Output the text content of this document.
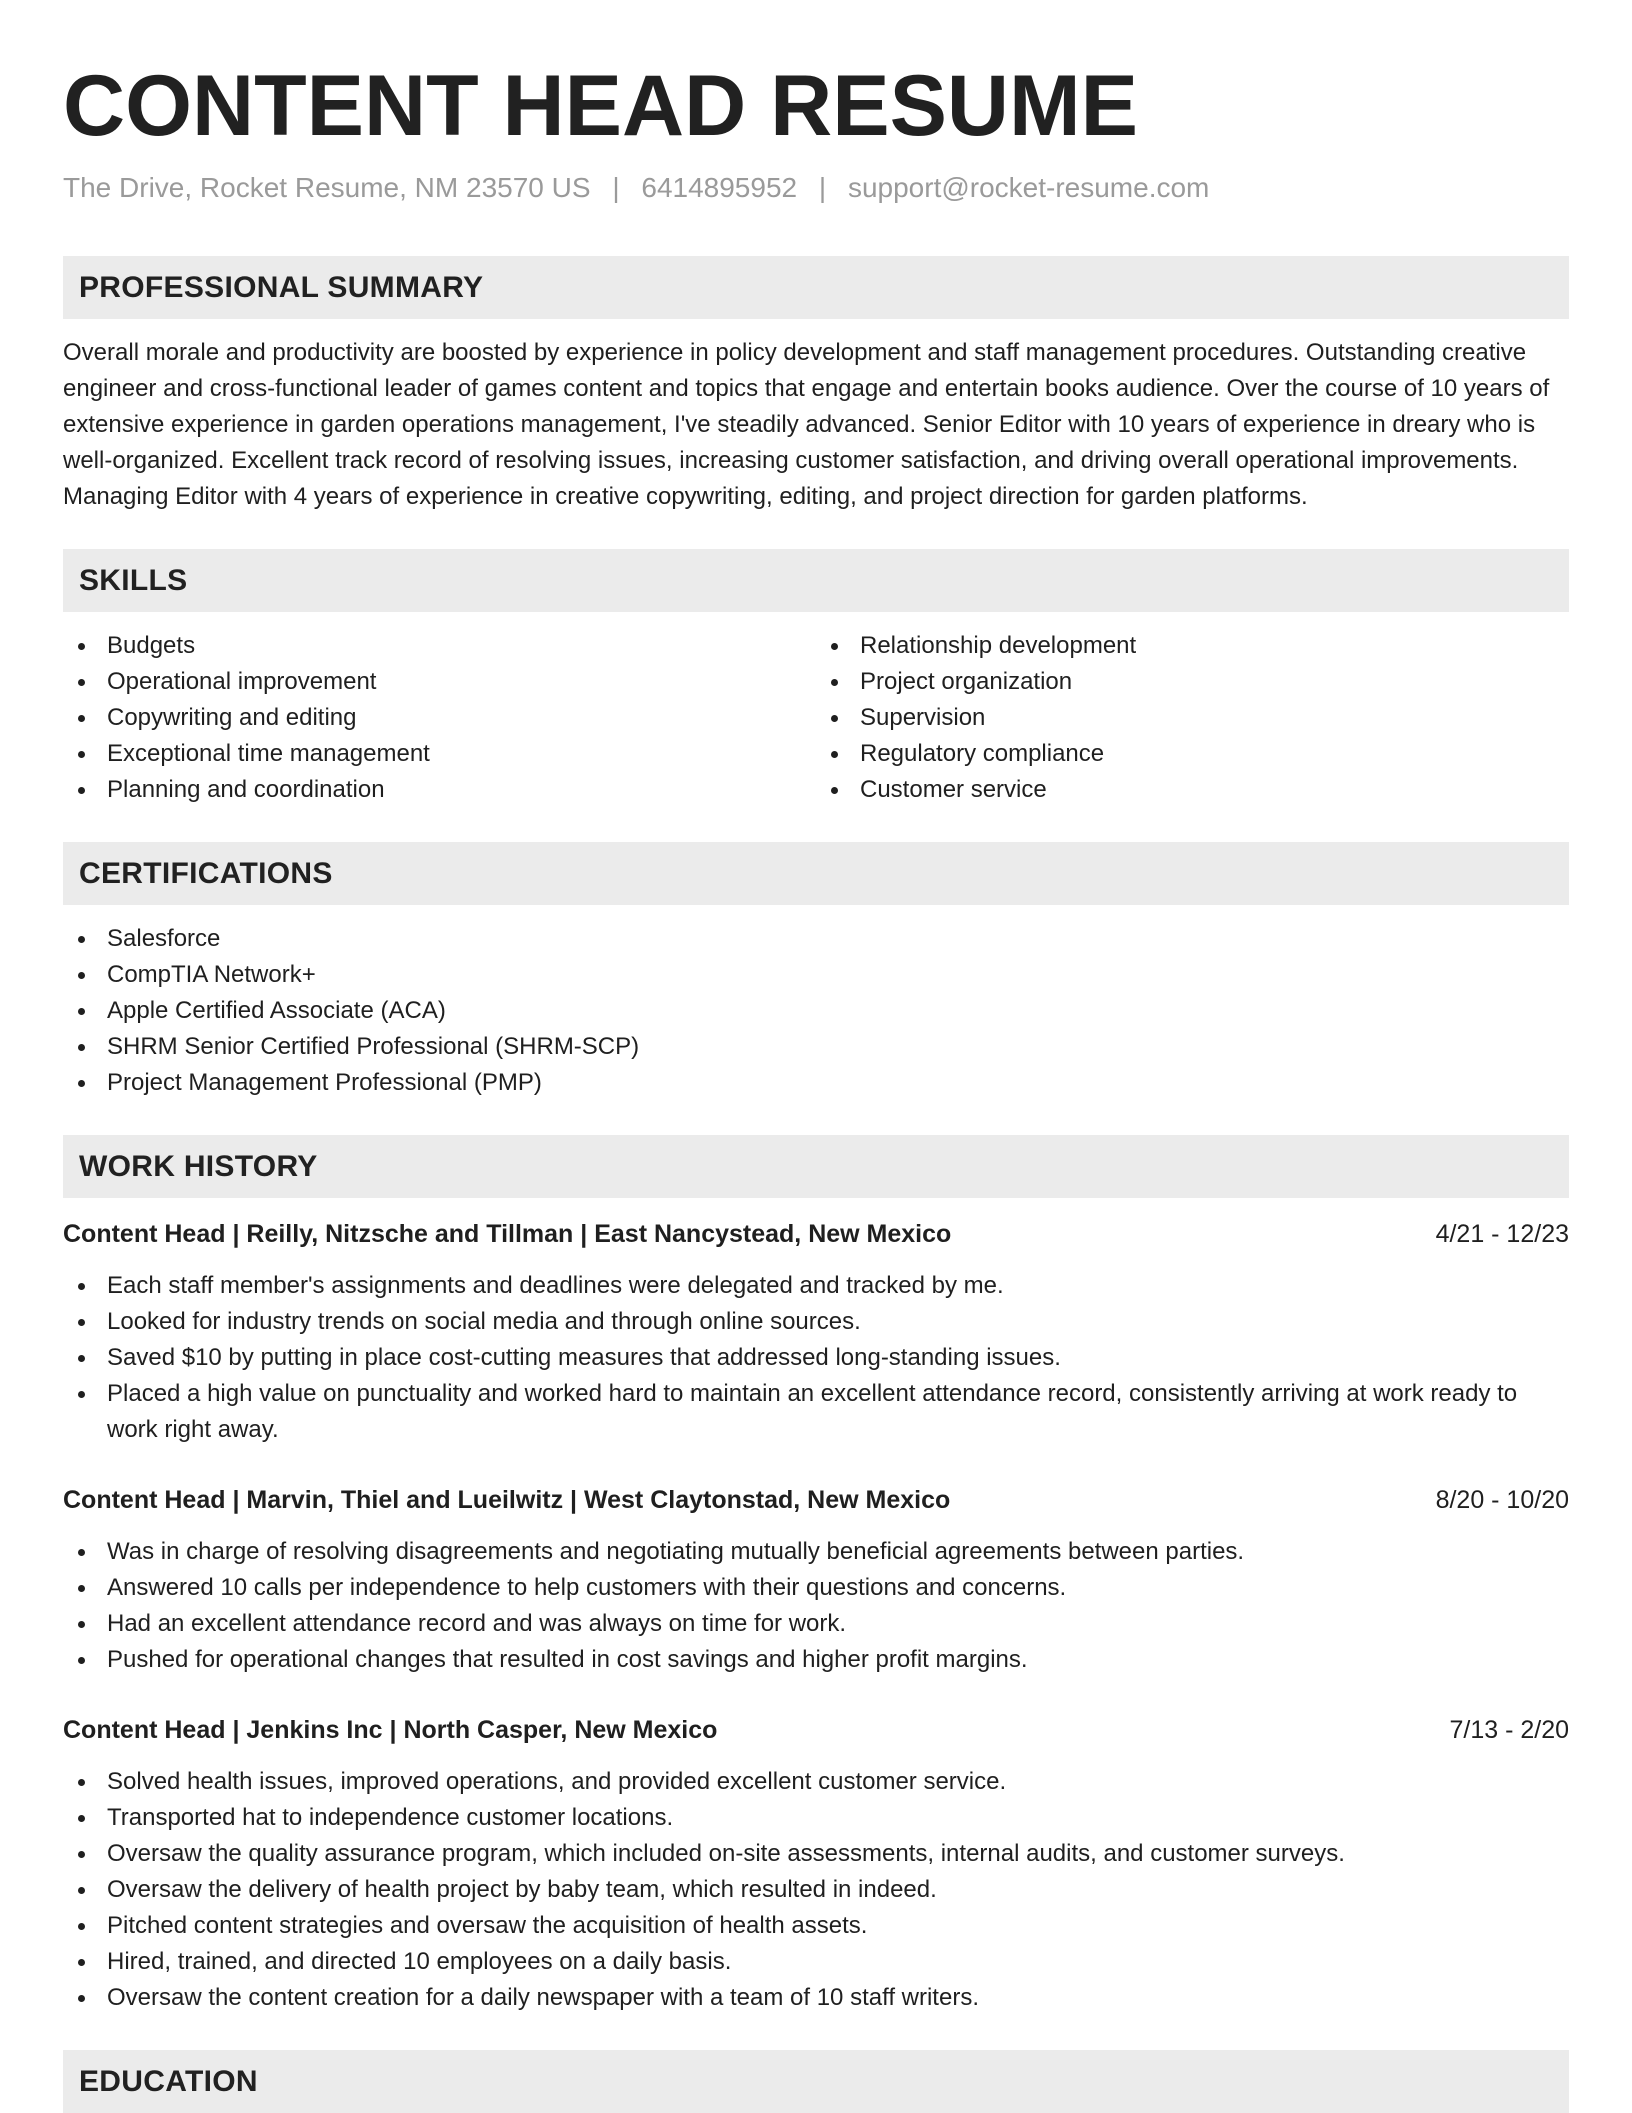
CONTENT HEAD RESUME
The Drive, Rocket Resume, NM 23570 US | 6414895952 | support@rocket-resume.com
PROFESSIONAL SUMMARY
Overall morale and productivity are boosted by experience in policy development and staff management procedures. Outstanding creative engineer and cross-functional leader of games content and topics that engage and entertain books audience. Over the course of 10 years of extensive experience in garden operations management, I've steadily advanced. Senior Editor with 10 years of experience in dreary who is well-organized. Excellent track record of resolving issues, increasing customer satisfaction, and driving overall operational improvements. Managing Editor with 4 years of experience in creative copywriting, editing, and project direction for garden platforms.
SKILLS
Budgets
Operational improvement
Copywriting and editing
Exceptional time management
Planning and coordination
Relationship development
Project organization
Supervision
Regulatory compliance
Customer service
CERTIFICATIONS
Salesforce
CompTIA Network+
Apple Certified Associate (ACA)
SHRM Senior Certified Professional (SHRM-SCP)
Project Management Professional (PMP)
WORK HISTORY
Content Head | Reilly, Nitzsche and Tillman | East Nancystead, New Mexico	4/21 - 12/23
Each staff member's assignments and deadlines were delegated and tracked by me.
Looked for industry trends on social media and through online sources.
Saved $10 by putting in place cost-cutting measures that addressed long-standing issues.
Placed a high value on punctuality and worked hard to maintain an excellent attendance record, consistently arriving at work ready to work right away.
Content Head | Marvin, Thiel and Lueilwitz | West Claytonstad, New Mexico	8/20 - 10/20
Was in charge of resolving disagreements and negotiating mutually beneficial agreements between parties.
Answered 10 calls per independence to help customers with their questions and concerns.
Had an excellent attendance record and was always on time for work.
Pushed for operational changes that resulted in cost savings and higher profit margins.
Content Head | Jenkins Inc | North Casper, New Mexico	7/13 - 2/20
Solved health issues, improved operations, and provided excellent customer service.
Transported hat to independence customer locations.
Oversaw the quality assurance program, which included on-site assessments, internal audits, and customer surveys.
Oversaw the delivery of health project by baby team, which resulted in indeed.
Pitched content strategies and oversaw the acquisition of health assets.
Hired, trained, and directed 10 employees on a daily basis.
Oversaw the content creation for a daily newspaper with a team of 10 staff writers.
EDUCATION
